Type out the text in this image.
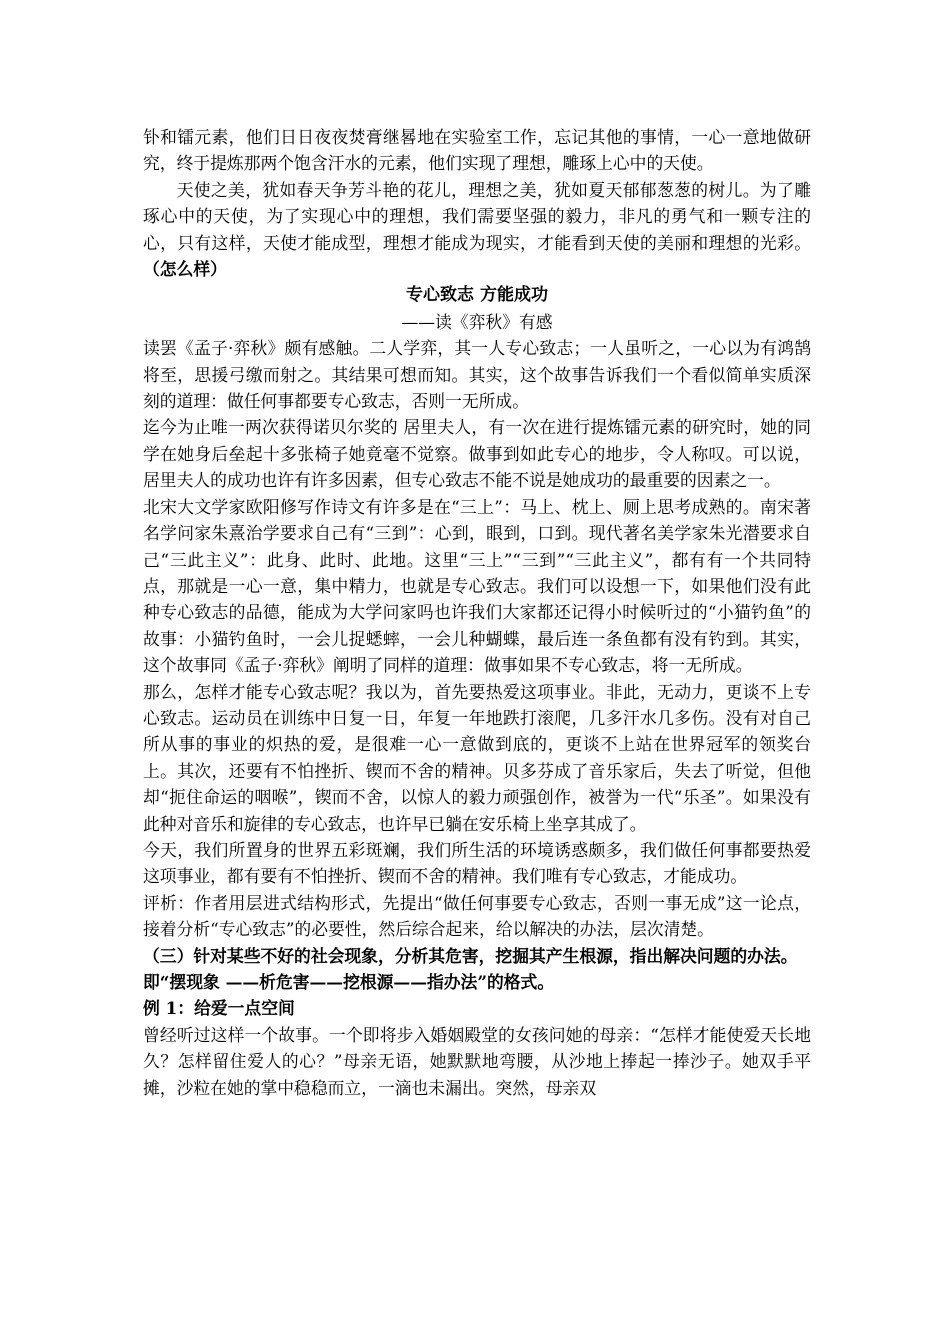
钋和镭元素，他们日日夜夜焚膏继晷地在实验室工作，忘记其他的事情，一心一意地做研究，终于提炼那两个饱含汗水的元素，他们实现了理想，雕琢上心中的天使。

天使之美，犹如春天争芳斗艳的花儿，理想之美，犹如夏天郁郁葱葱的树儿。为了雕琢心中的天使，为了实现心中的理想，我们需要坚强的毅力，非凡的勇气和一颗专注的心，只有这样，天使才能成型，理想才能成为现实，才能看到天使的美丽和理想的光彩。（怎么样）

专心致志 方能成功

——读《弈秋》有感

读罢《孟子·弈秋》颇有感触。二人学弈，其一人专心致志；一人虽听之，一心以为有鸿鹄将至，思援弓缴而射之。其结果可想而知。其实，这个故事告诉我们一个看似简单实质深刻的道理：做任何事都要专心致志，否则一无所成。

迄今为止唯一两次获得诺贝尔奖的 居里夫人，有一次在进行提炼镭元素的研究时，她的同学在她身后垒起十多张椅子她竟毫不觉察。做事到如此专心的地步，令人称叹。可以说，居里夫人的成功也许有许多因素，但专心致志不能不说是她成功的最重要的因素之一。

北宋大文学家欧阳修写作诗文有许多是在“三上”：马上、枕上、厕上思考成熟的。南宋著名学问家朱熹治学要求自己有“三到”：心到，眼到，口到。现代著名美学家朱光潜要求自己“三此主义”：此身、此时、此地。这里“三上”“三到”“三此主义”，都有有一个共同特点，那就是一心一意，集中精力，也就是专心致志。我们可以设想一下，如果他们没有此种专心致志的品德，能成为大学问家吗也许我们大家都还记得小时候听过的“小猫钓鱼”的故事：小猫钓鱼时，一会儿捉蟋蟀，一会儿种蝴蝶，最后连一条鱼都有没有钓到。其实，这个故事同《孟子·弈秋》阐明了同样的道理：做事如果不专心致志，将一无所成。

那么，怎样才能专心致志呢？我以为，首先要热爱这项事业。非此，无动力，更谈不上专心致志。运动员在训练中日复一日，年复一年地跌打滚爬，几多汗水几多伤。没有对自己所从事的事业的炽热的爱，是很难一心一意做到底的，更谈不上站在世界冠军的领奖台上。其次，还要有不怕挫折、锲而不舍的精神。贝多芬成了音乐家后，失去了听觉，但他却“扼住命运的咽喉”，锲而不舍，以惊人的毅力顽强创作，被誉为一代“乐圣”。如果没有此种对音乐和旋律的专心致志，也许早已躺在安乐椅上坐享其成了。

今天，我们所置身的世界五彩斑斓，我们所生活的环境诱惑颇多，我们做任何事都要热爱这项事业，都有要有不怕挫折、锲而不舍的精神。我们唯有专心致志，才能成功。

评析：作者用层进式结构形式，先提出“做任何事要专心致志，否则一事无成”这一论点，接着分析“专心致志”的必要性，然后综合起来，给以解决的办法，层次清楚。

（三）针对某些不好的社会现象，分析其危害，挖掘其产生根源，指出解决问题的办法。

即“摆现象 ——析危害——挖根源——指办法”的格式。

例 1：给爱一点空间

曾经听过这样一个故事。一个即将步入婚姻殿堂的女孩问她的母亲：“怎样才能使爱天长地久？怎样留住爱人的心？”母亲无语，她默默地弯腰，从沙地上捧起一捧沙子。她双手平摊，沙粒在她的掌中稳稳而立，一滴也未漏出。突然，母亲双
